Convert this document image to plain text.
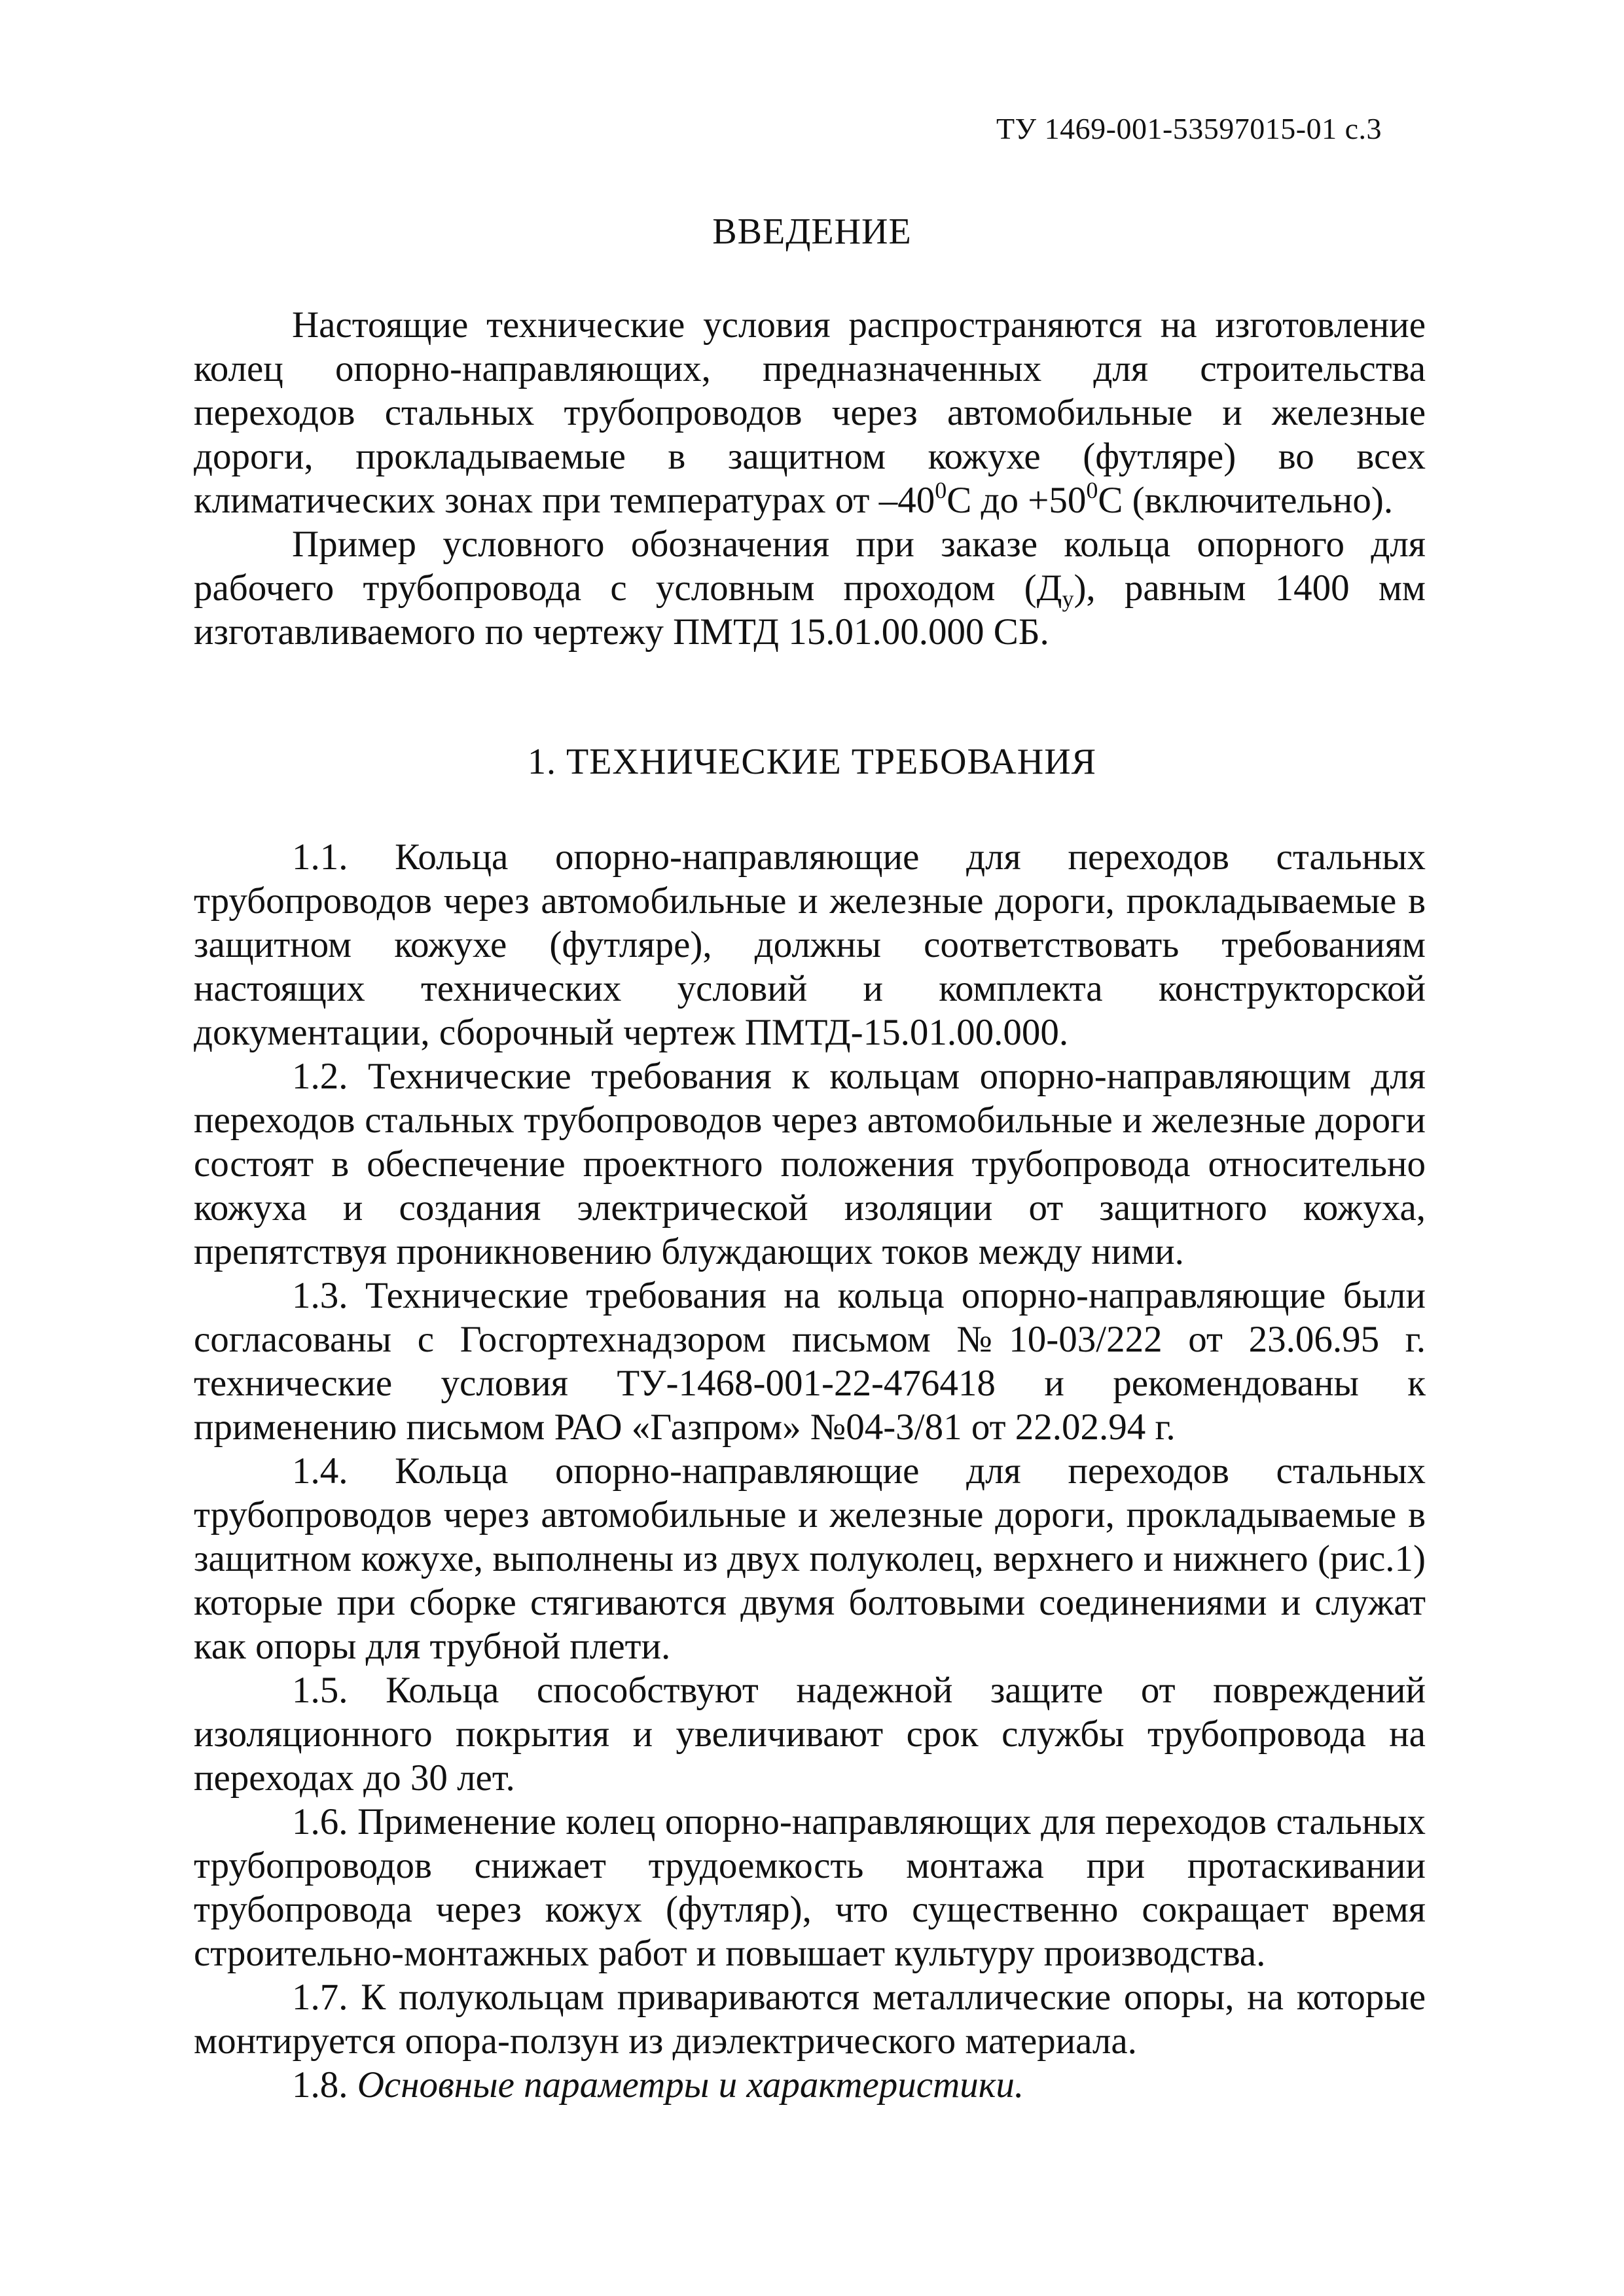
ТУ 1469-001-53597015-01 с.3
ВВЕДЕНИЕ

Настоящие технические условия распространяются на изготовление колец опорно-направляющих, предназначенных для строительства переходов стальных трубопроводов через автомобильные и железные дороги, прокладываемые в защитном кожухе (футляре) во всех климатических зонах при температурах от $-40^0С$ до $+50^0С$ (включительно).

Пример условного обозначения при заказе кольца опорного для рабочего трубопровода с условным проходом $(Д_у)$, равным 1400 мм изготавливаемого по чертежу ПМТД 15.01.00.000 СБ.

1. ТЕХНИЧЕСКИЕ ТРЕБОВАНИЯ

1.1. Кольца опорно-направляющие для переходов стальных трубопроводов через автомобильные и железные дороги, прокладываемые в защитном кожухе (футляре), должны соответствовать требованиям настоящих технических условий и комплекта конструкторской документации, сборочный чертеж ПМТД-15.01.00.000.

1.2. Технические требования к кольцам опорно-направляющим для переходов стальных трубопроводов через автомобильные и железные дороги состоят в обеспечение проектного положения трубопровода относительно кожуха и создания электрической изоляции от защитного кожуха, препятствуя проникновению блуждающих токов между ними.

1.3. Технические требования на кольца опорно-направляющие были согласованы с Госгортехнадзором письмом №10-03/222 от 23.06.95 г. технические условия ТУ-1468-001-22-476418 и рекомендованы к применению письмом РАО «Газпром» №04-3/81 от 22.02.94 г.

1.4. Кольца опорно-направляющие для переходов стальных трубопроводов через автомобильные и железные дороги, прокладываемые в защитном кожухе, выполнены из двух полуколец, верхнего и нижнего (рис.1) которые при сборке стягиваются двумя болтовыми соединениями и служат как опоры для трубной плети.

1.5. Кольца способствуют надежной защите от повреждений изоляционного покрытия и увеличивают срок службы трубопровода на переходах до 30 лет.

1.6. Применение колец опорно-направляющих для переходов стальных трубопроводов снижает трудоемкость монтажа при протаскивании трубопровода через кожух (футляр), что существенно сокращает время строительно-монтажных работ и повышает культуру производства.

1.7. К полукольцам привариваются металлические опоры, на которые монтируется опора-ползун из диэлектрического материала.

1.8. Основные параметры и характеристики.
